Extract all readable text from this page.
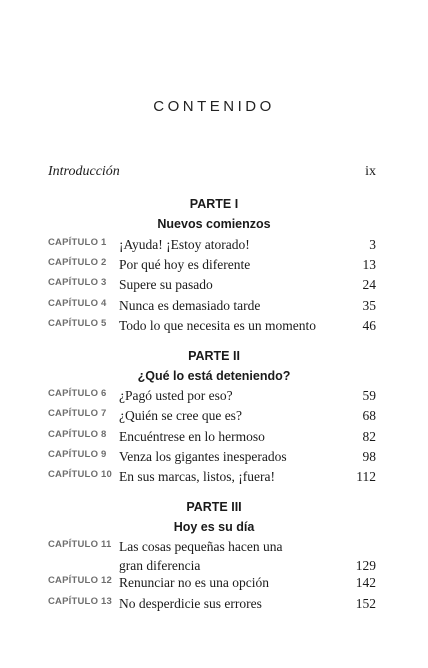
CONTENIDO
Introducción	ix
PARTE I
Nuevos comienzos
CAPÍTULO 1 ¡Ayuda! ¡Estoy atorado!	3
CAPÍTULO 2 Por qué hoy es diferente	13
CAPÍTULO 3 Supere su pasado	24
CAPÍTULO 4 Nunca es demasiado tarde	35
CAPÍTULO 5 Todo lo que necesita es un momento	46
PARTE II
¿Qué lo está deteniendo?
CAPÍTULO 6 ¿Pagó usted por eso?	59
CAPÍTULO 7 ¿Quién se cree que es?	68
CAPÍTULO 8 Encuéntrese en lo hermoso	82
CAPÍTULO 9 Venza los gigantes inesperados	98
CAPÍTULO 10 En sus marcas, listos, ¡fuera!	112
PARTE III
Hoy es su día
CAPÍTULO 11 Las cosas pequeñas hacen una gran diferencia	129
CAPÍTULO 12 Renunciar no es una opción	142
CAPÍTULO 13 No desperdicie sus errores	152
